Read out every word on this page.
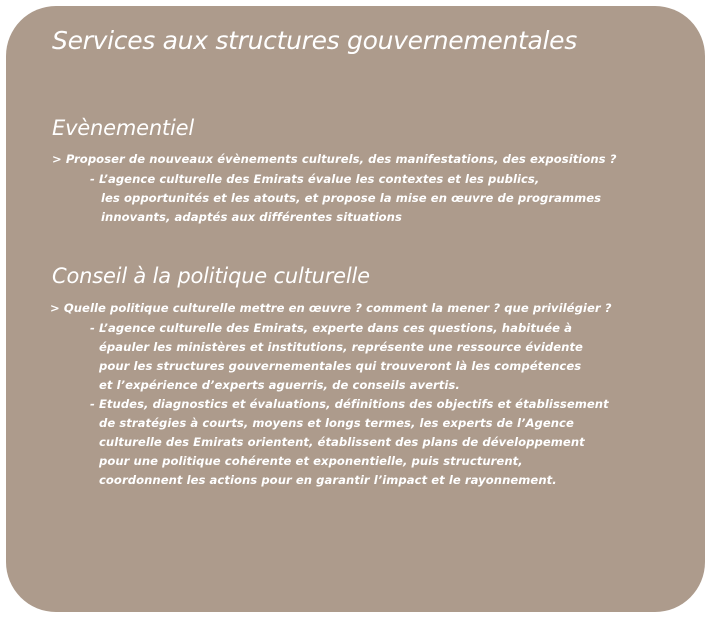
Services aux structures gouvernementales
Evènementiel
> Proposer de nouveaux évènements culturels, des manifestations, des expositions ?
- L’agence culturelle des Emirats évalue les contextes et les publics,
les opportunités et les atouts, et propose la mise en œuvre de programmes
innovants, adaptés aux différentes situations
Conseil à la politique culturelle
> Quelle politique culturelle mettre en œuvre ? comment la mener ? que privilégier ?
- L’agence culturelle des Emirats, experte dans ces questions, habituée à
épauler les ministères et institutions, représente une ressource évidente
pour les structures gouvernementales qui trouveront là les compétences
et l’expérience d’experts aguerris, de conseils avertis.
- Etudes, diagnostics et évaluations, définitions des objectifs et établissement
de stratégies à courts, moyens et longs termes, les experts de l’Agence
culturelle des Emirats orientent, établissent des plans de développement
pour une politique cohérente et exponentielle, puis structurent,
coordonnent les actions pour en garantir l’impact et le rayonnement.
